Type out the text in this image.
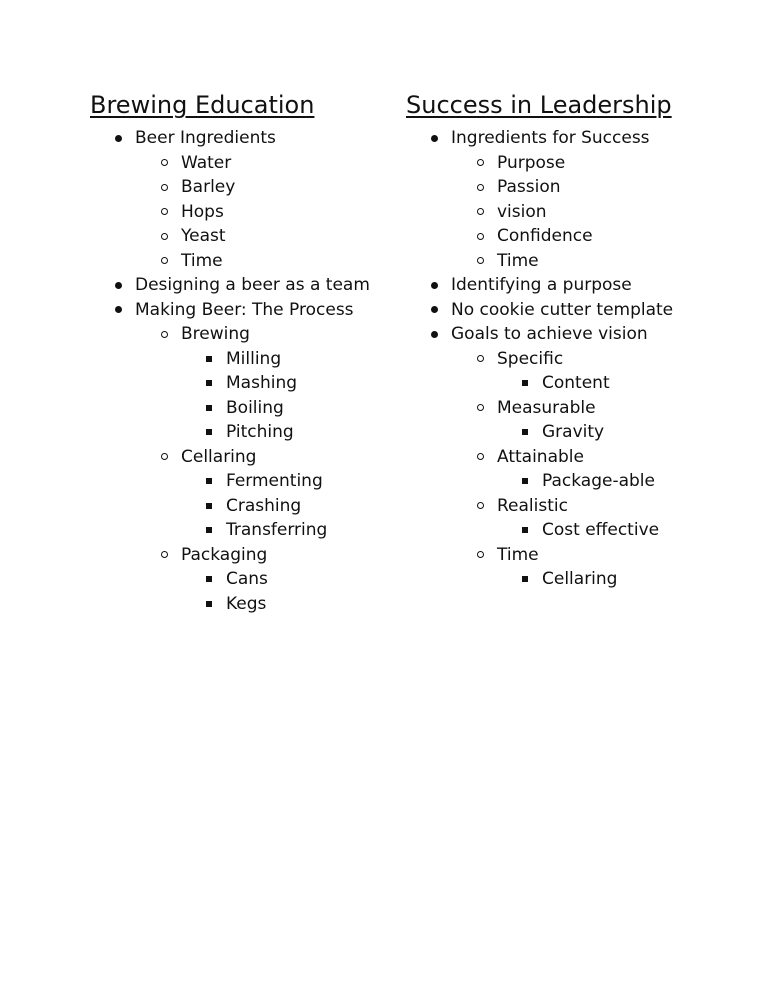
Brewing Education
Beer Ingredients
Water
Barley
Hops
Yeast
Time
Designing a beer as a team
Making Beer: The Process
Brewing
Milling
Mashing
Boiling
Pitching
Cellaring
Fermenting
Crashing
Transferring
Packaging
Cans
Kegs
Success in Leadership
Ingredients for Success
Purpose
Passion
vision
Confidence
Time
Identifying a purpose
No cookie cutter template
Goals to achieve vision
Specific
Content
Measurable
Gravity
Attainable
Package-able
Realistic
Cost effective
Time
Cellaring
